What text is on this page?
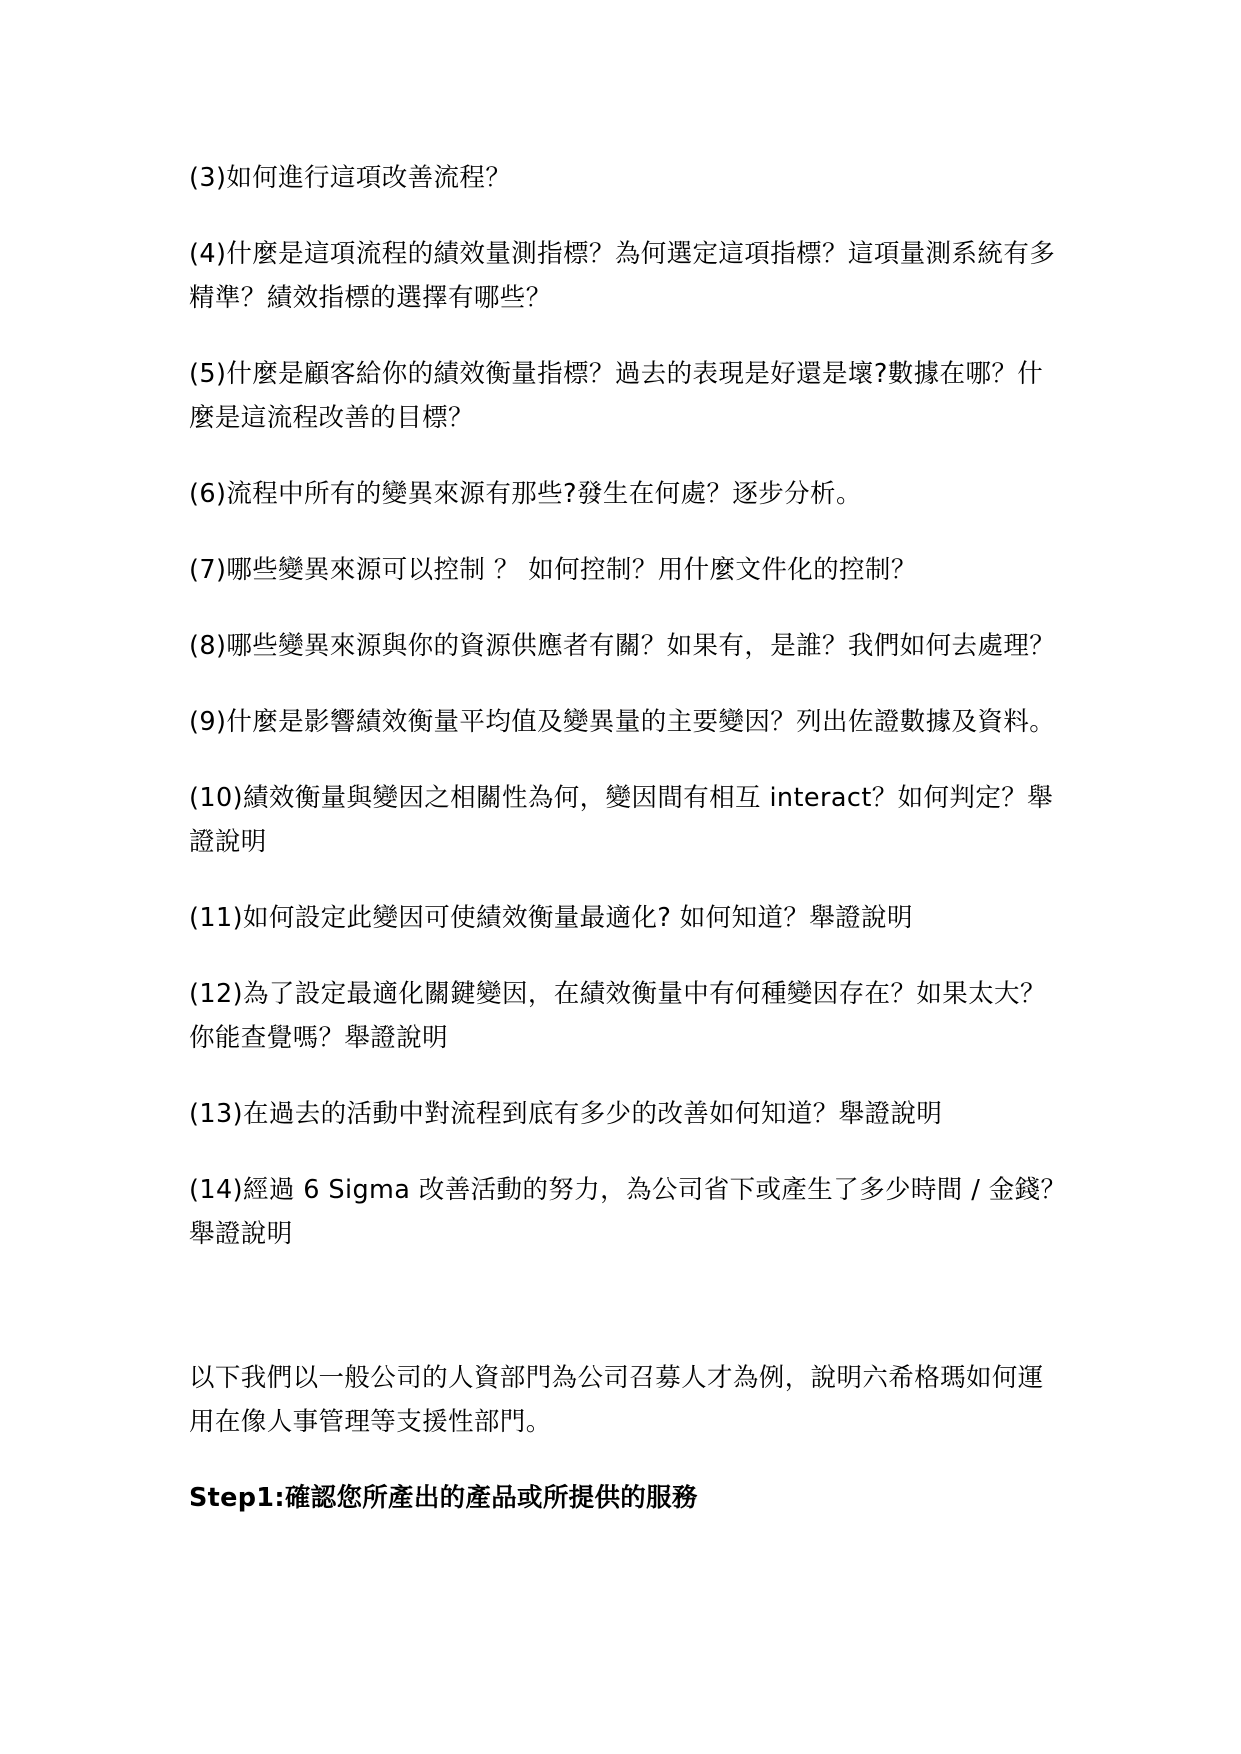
(3)如何進行這項改善流程？

(4)什麼是這項流程的績效量測指標？為何選定這項指標？這項量測系統有多精準？績效指標的選擇有哪些？

(5)什麼是顧客給你的績效衡量指標？過去的表現是好還是壞?數據在哪？什麼是這流程改善的目標？

(6)流程中所有的變異來源有那些?發生在何處？逐步分析。

(7)哪些變異來源可以控制 ？ 如何控制？用什麼文件化的控制？

(8)哪些變異來源與你的資源供應者有關？如果有，是誰？我們如何去處理？

(9)什麼是影響績效衡量平均值及變異量的主要變因？列出佐證數據及資料。

(10)績效衡量與變因之相關性為何，變因間有相互 interact？如何判定？舉證說明

(11)如何設定此變因可使績效衡量最適化? 如何知道？舉證說明

(12)為了設定最適化關鍵變因，在績效衡量中有何種變因存在？如果太大？你能查覺嗎？舉證說明

(13)在過去的活動中對流程到底有多少的改善如何知道？舉證說明

(14)經過 6 Sigma 改善活動的努力，為公司省下或產生了多少時間 / 金錢？舉證說明

以下我們以一般公司的人資部門為公司召募人才為例，說明六希格瑪如何運用在像人事管理等支援性部門。

Step1:確認您所產出的產品或所提供的服務
